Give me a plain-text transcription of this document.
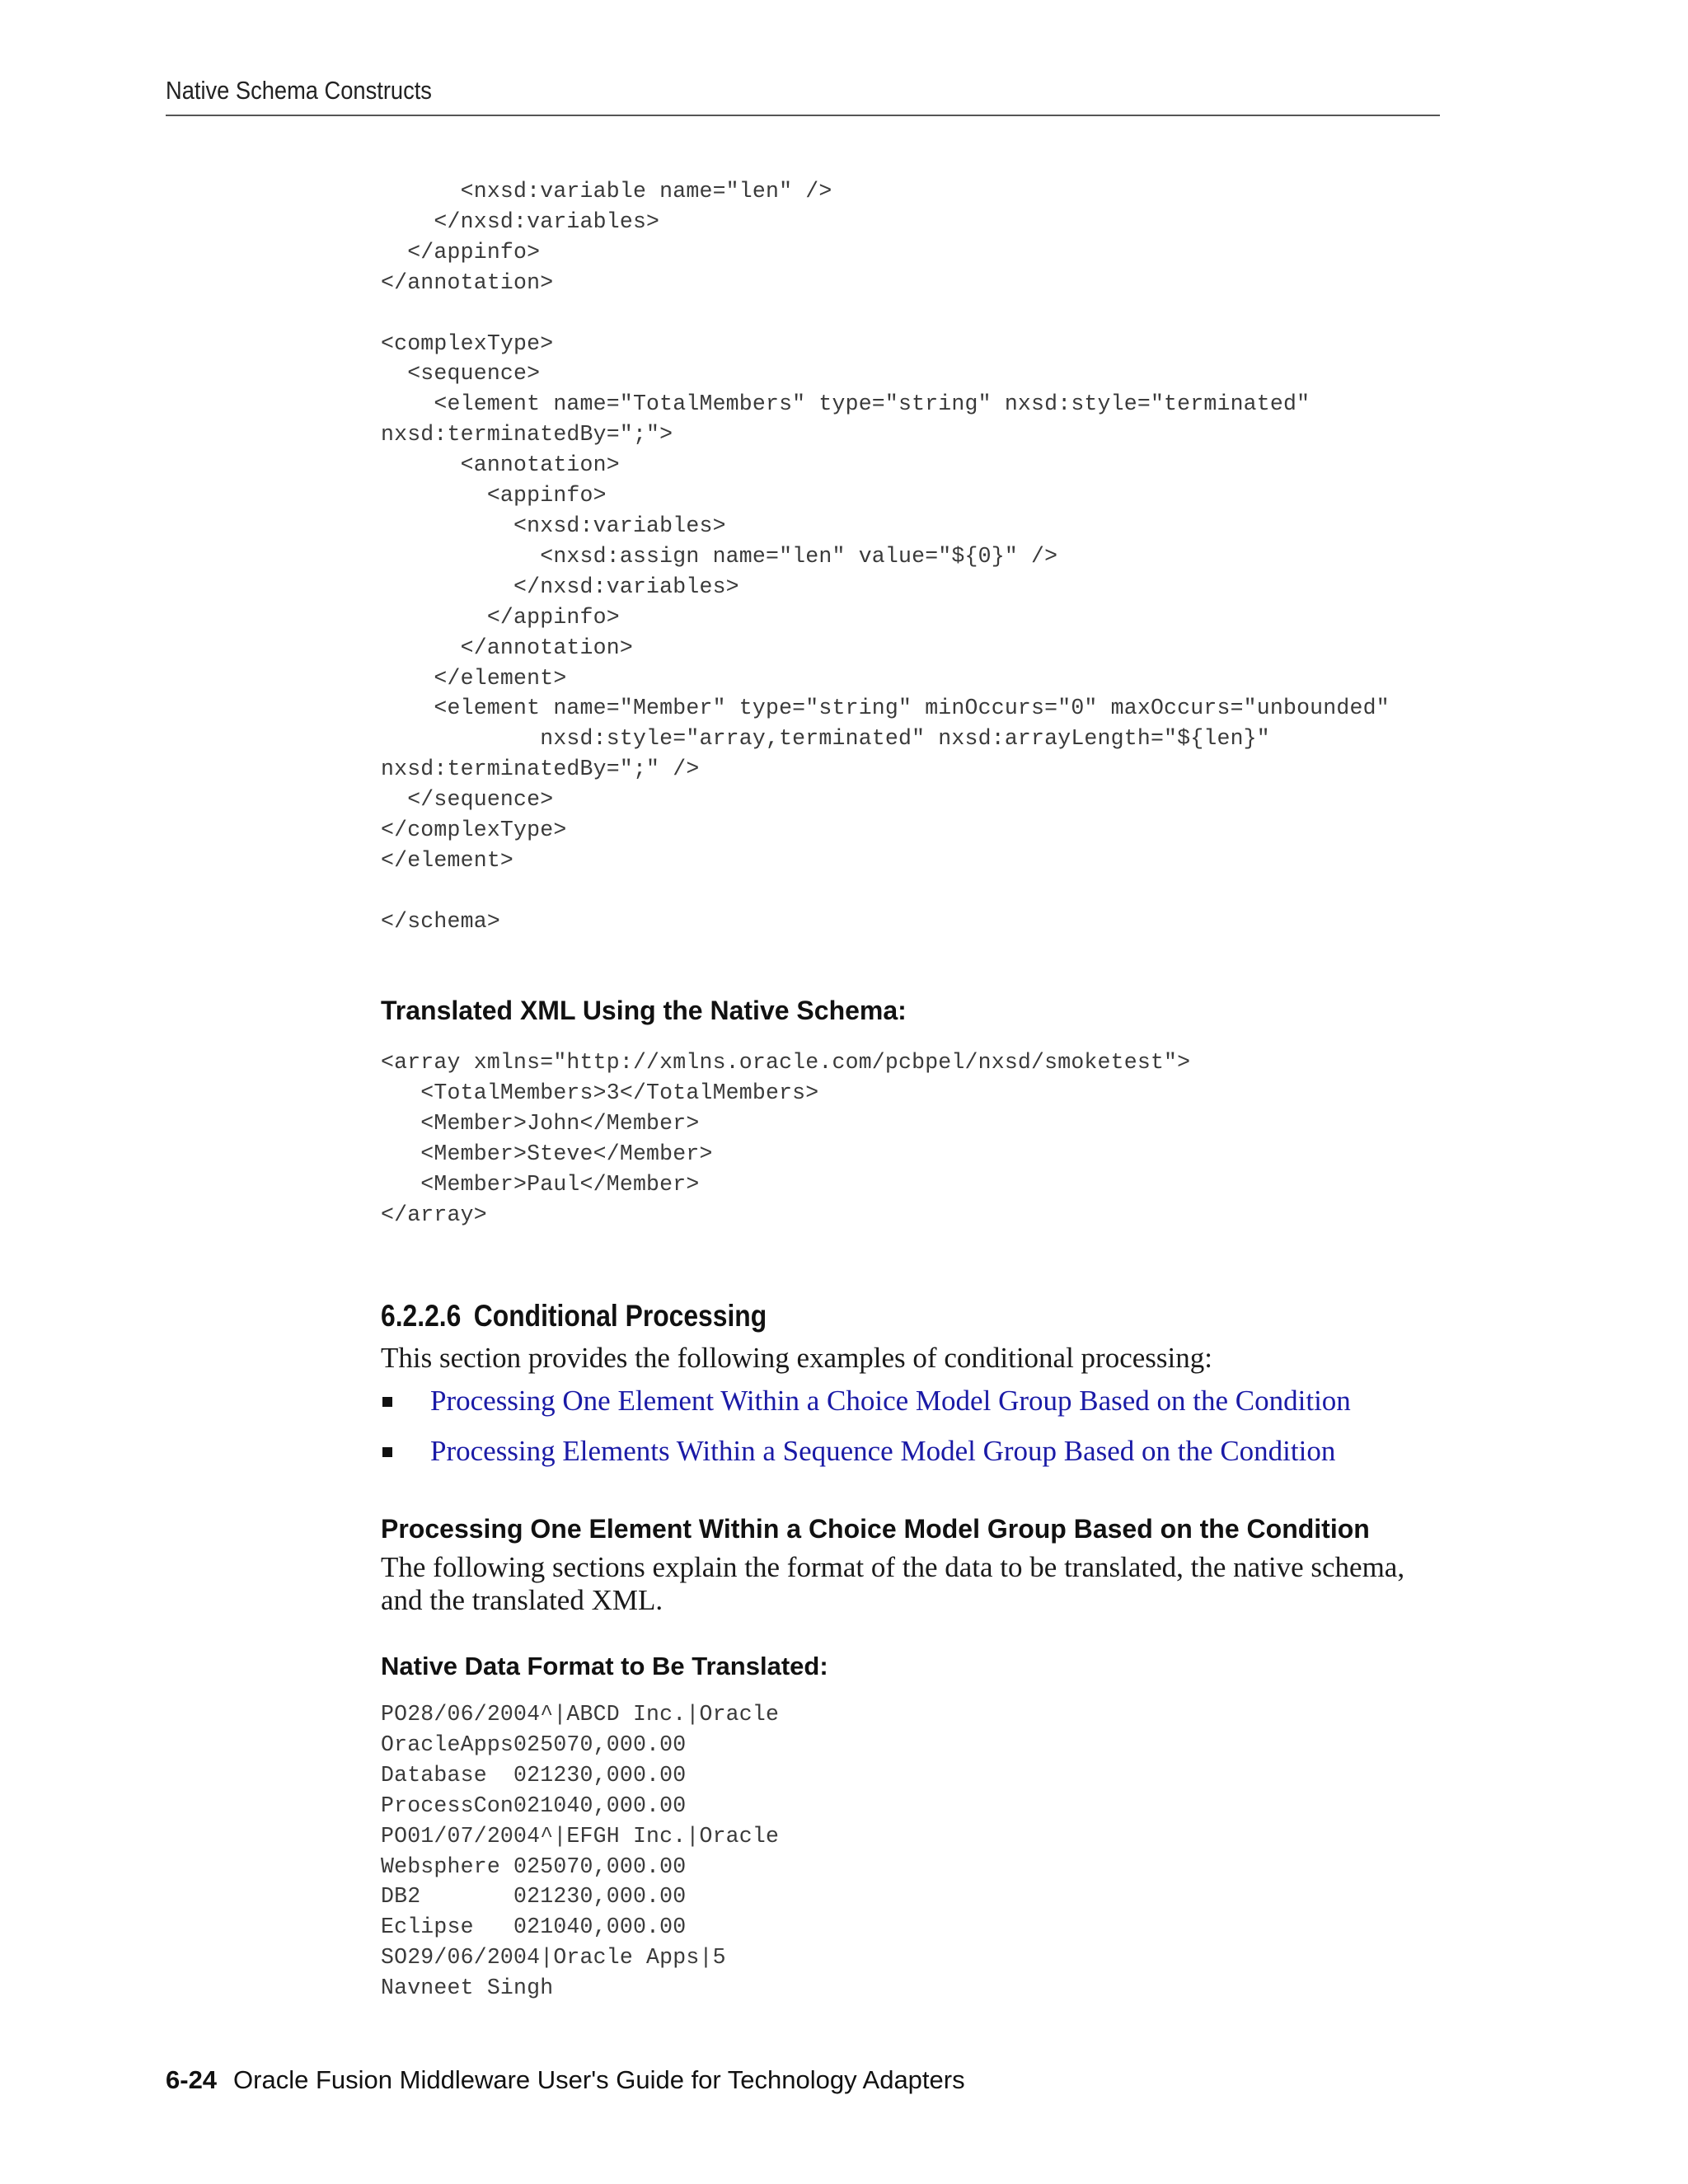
Native Schema Constructs
<nxsd:variable name="len" />
</nxsd:variables>
</appinfo>
</annotation>

<complexType>
<sequence>
<element name="TotalMembers" type="string" nxsd:style="terminated"
nxsd:terminatedBy=";">
<annotation>
<appinfo>
<nxsd:variables>
<nxsd:assign name="len" value="${0}" />
</nxsd:variables>
</appinfo>
</annotation>
</element>
<element name="Member" type="string" minOccurs="0" maxOccurs="unbounded"
nxsd:style="array,terminated" nxsd:arrayLength="${len}"
nxsd:terminatedBy=";" />
</sequence>
</complexType>
</element>

</schema>
Translated XML Using the Native Schema:
<array xmlns="http://xmlns.oracle.com/pcbpel/nxsd/smoketest">
<TotalMembers>3</TotalMembers>
<Member>John</Member>
<Member>Steve</Member>
<Member>Paul</Member>
</array>
6.2.2.6 Conditional Processing
This section provides the following examples of conditional processing:
Processing One Element Within a Choice Model Group Based on the Condition
Processing Elements Within a Sequence Model Group Based on the Condition
Processing One Element Within a Choice Model Group Based on the Condition
The following sections explain the format of the data to be translated, the native schema, and the translated XML.
Native Data Format to Be Translated:
PO28/06/2004^|ABCD Inc.|Oracle
OracleApps025070,000.00
Database  021230,000.00
ProcessCon021040,000.00
PO01/07/2004^|EFGH Inc.|Oracle
Websphere 025070,000.00
DB2       021230,000.00
Eclipse   021040,000.00
SO29/06/2004|Oracle Apps|5
Navneet Singh
6-24 Oracle Fusion Middleware User's Guide for Technology Adapters
